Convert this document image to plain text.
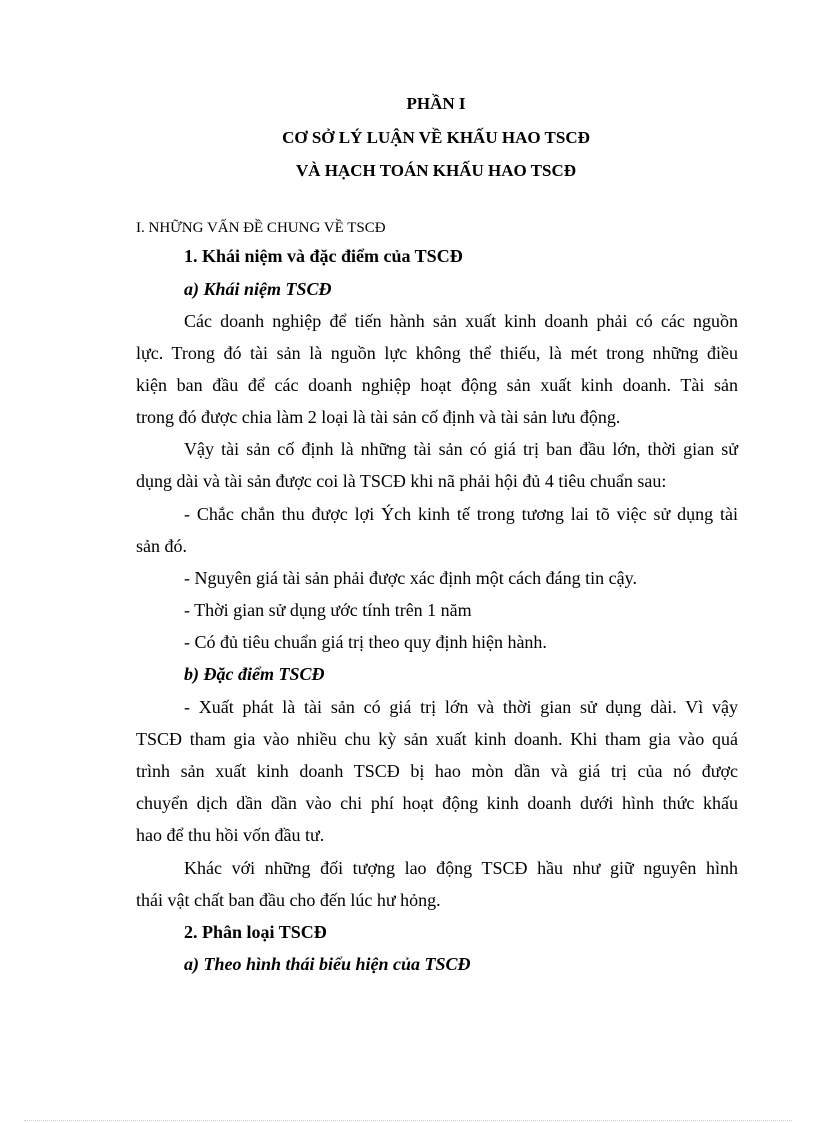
PHẦN I
CƠ SỞ LÝ LUẬN VỀ KHẤU HAO TSCĐ
VÀ HẠCH TOÁN KHẤU HAO TSCĐ
I. NHỮNG VẤN ĐỀ CHUNG VỀ TSCĐ
1. Khái niệm và đặc điểm của TSCĐ
a) Khái niệm TSCĐ
Các doanh nghiệp để tiến hành sản xuất kinh doanh phải có các nguồn
lực. Trong đó tài sản là nguồn lực không thể thiếu, là mét trong những điều
kiện ban đầu để các doanh nghiệp hoạt động sản xuất kinh doanh. Tài sản
trong đó được chia làm 2 loại là tài sản cố định và tài sản lưu động.
Vậy tài sản cố định là những tài sản có giá trị ban đầu lớn, thời gian sử
dụng dài và tài sản được coi là TSCĐ khi nã phải hội đủ 4 tiêu chuẩn sau:
- Chắc chắn thu được lợi Ých kinh tế trong tương lai tõ việc sử dụng tài
sản đó.
- Nguyên giá tài sản phải được xác định một cách đáng tin cậy.
- Thời gian sử dụng ước tính trên 1 năm
- Có đủ tiêu chuẩn giá trị theo quy định hiện hành.
b) Đặc điểm TSCĐ
- Xuất phát là tài sản có giá trị lớn và thời gian sử dụng dài. Vì vậy
TSCĐ tham gia vào nhiều chu kỳ sản xuất kinh doanh. Khi tham gia vào quá
trình sản xuất kinh doanh TSCĐ bị hao mòn dần và giá trị của nó được
chuyển dịch dần dần vào chi phí hoạt động kinh doanh dưới hình thức khấu
hao để thu hồi vốn đầu tư.
Khác với những đối tượng lao động TSCĐ hầu như giữ nguyên hình
thái vật chất ban đầu cho đến lúc hư hỏng.
2. Phân loại TSCĐ
a) Theo hình thái biểu hiện của TSCĐ
